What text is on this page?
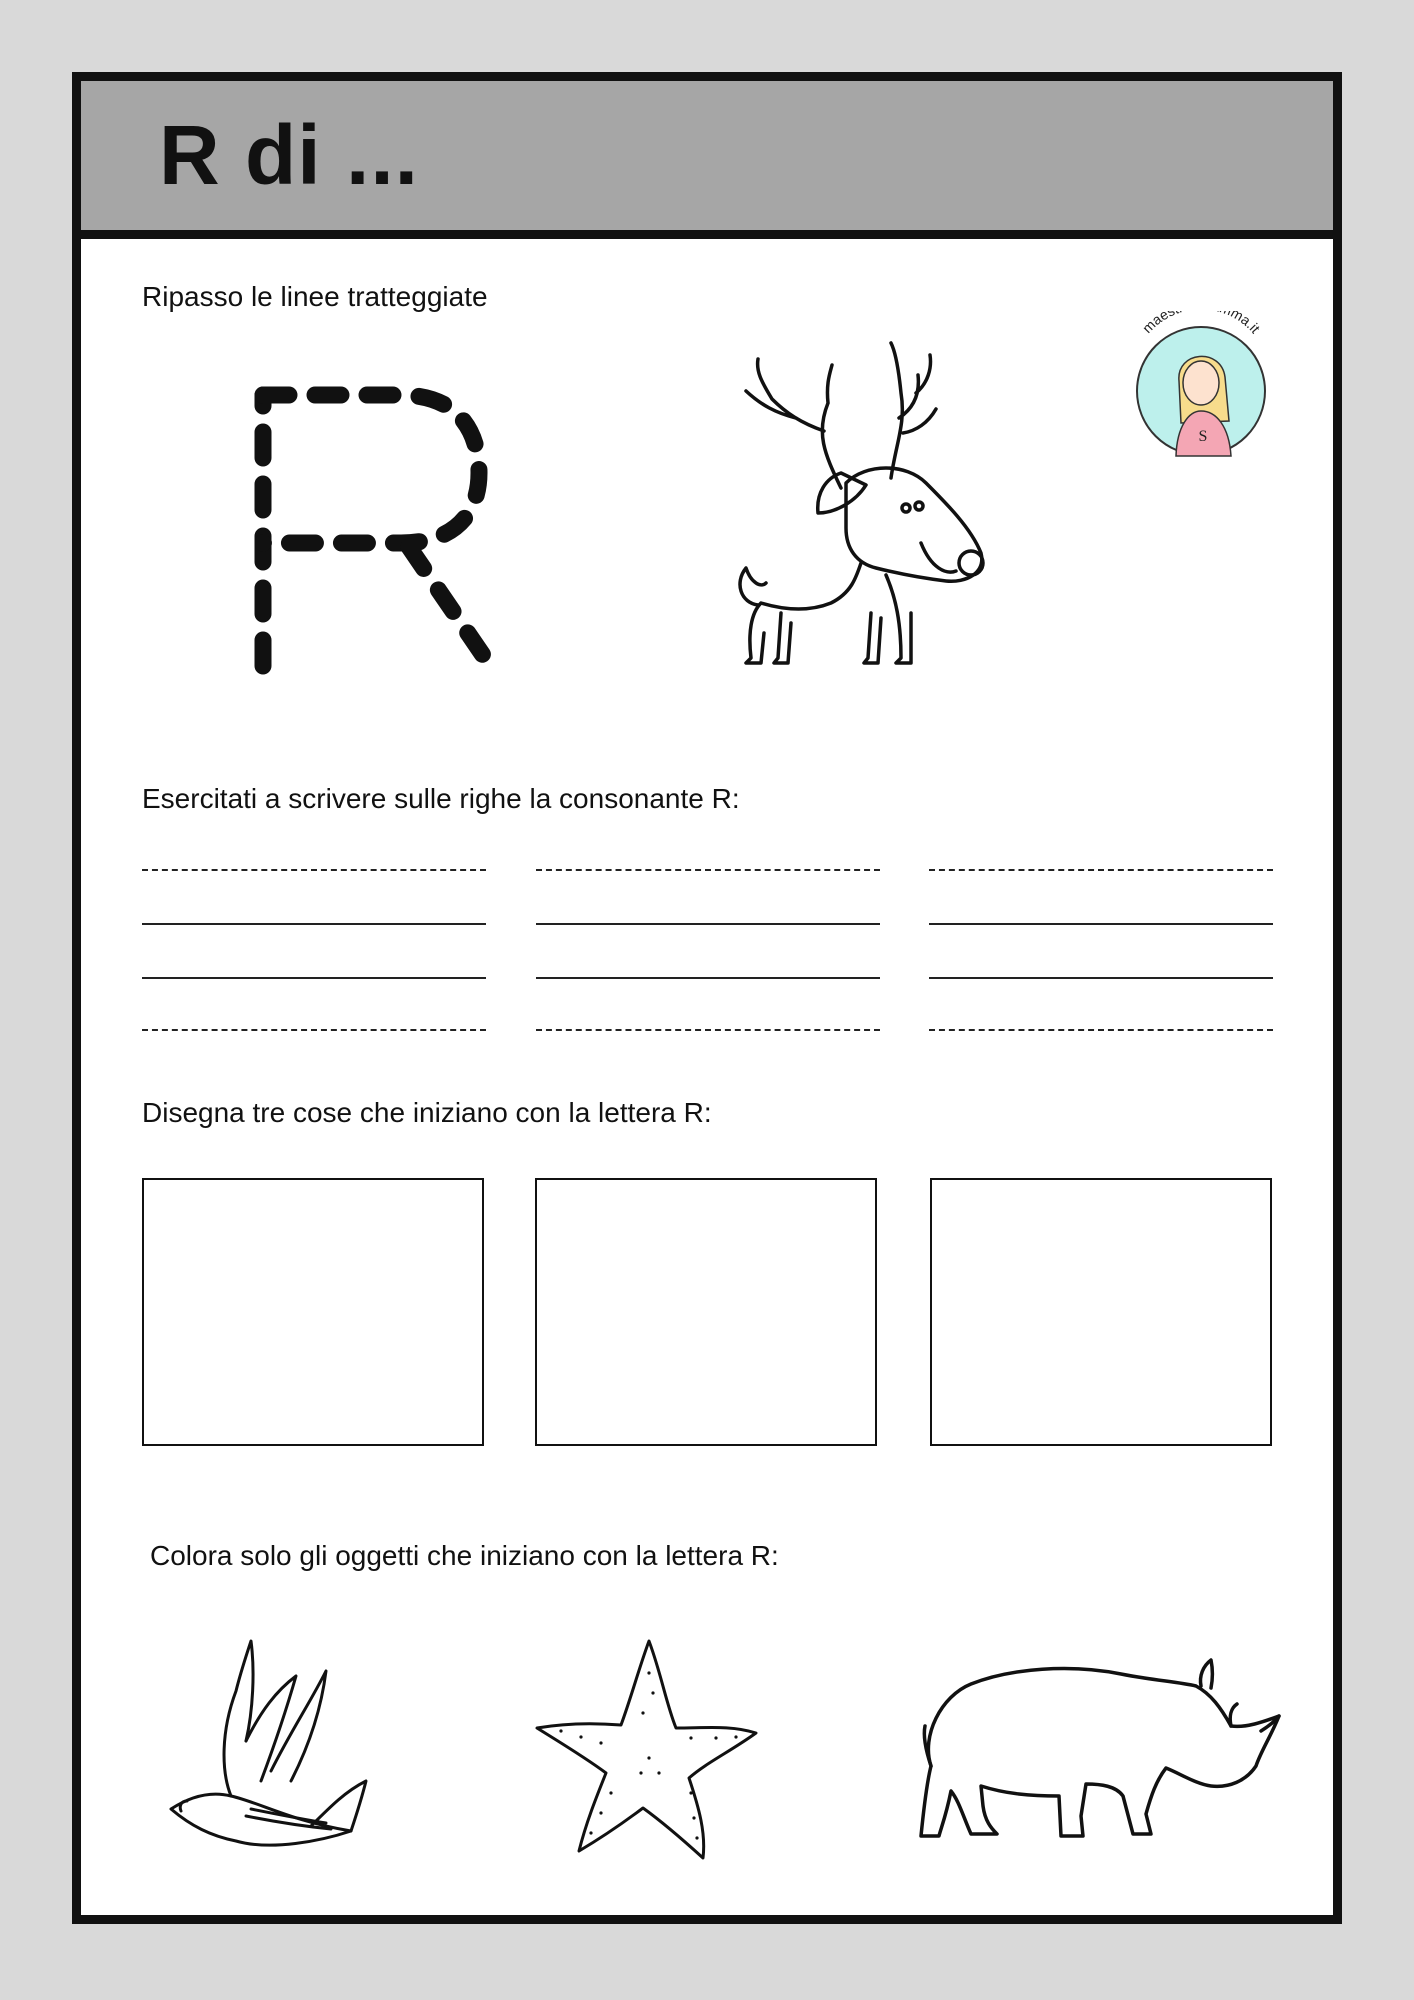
R di ...
Ripasso le linee tratteggiate
maes ma.it
S
Esercitati a scrivere sulle righe la consonante R:
Disegna tre cose che iniziano con la lettera R:
Colora solo gli oggetti che iniziano con la lettera R:
